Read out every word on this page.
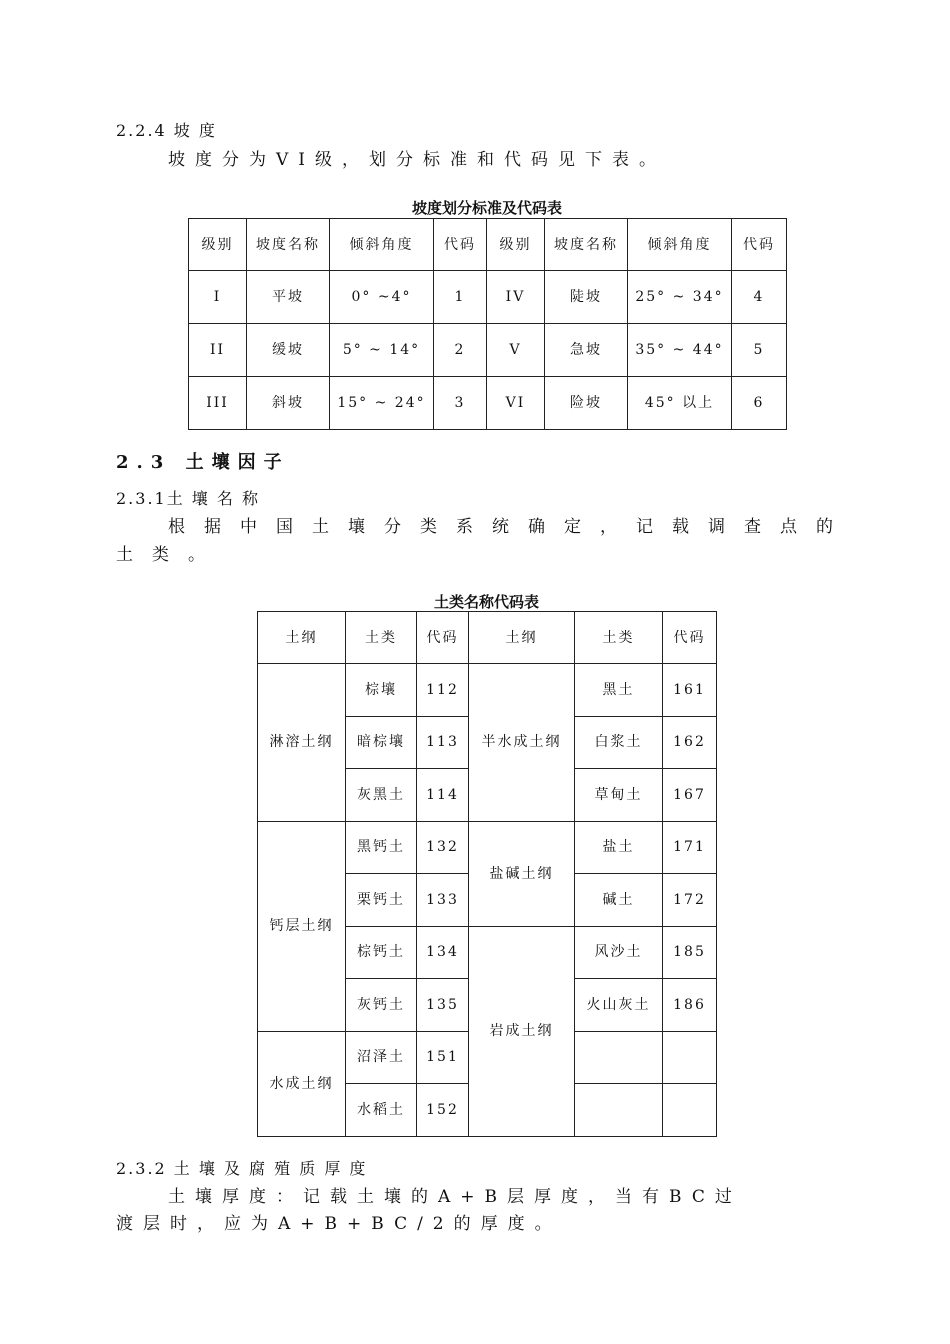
2.2.4 坡 度
坡度分为VI级，划分标准和代码见下表。
坡度划分标准及代码表
级别	坡度名称	倾斜角度	代码	级别	坡度名称	倾斜角度	代码
I	平坡	0° ~4°	1	IV	陡坡	25° ~ 34°	4
II	缓坡	5° ~ 14°	2	V	急坡	35° ~ 44°	5
III	斜坡	15° ~ 24°	3	VI	险坡	45° 以上	6
2.3 土壤因子
2.3.1土 壤 名 称
根据中国土壤分类系统确定，记载调查点的
土类。
土类名称代码表
土纲	土类	代码	土纲	土类	代码
淋溶土纲	棕壤	112	半水成土纲	黑土	161
	暗棕壤	113		白浆土	162
	灰黑土	114		草甸土	167
钙层土纲	黑钙土	132	盐碱土纲	盐土	171
	栗钙土	133		碱土	172
	棕钙土	134	岩成土纲	风沙土	185
	灰钙土	135		火山灰土	186
水成土纲	沼泽土	151			
	水稻土	152			
2.3.2 土 壤 及 腐 殖 质 厚 度
土壤厚度：记载土壤的A+B层厚度，当有BC过
渡层时，应为A+B+BC/2的厚度。
